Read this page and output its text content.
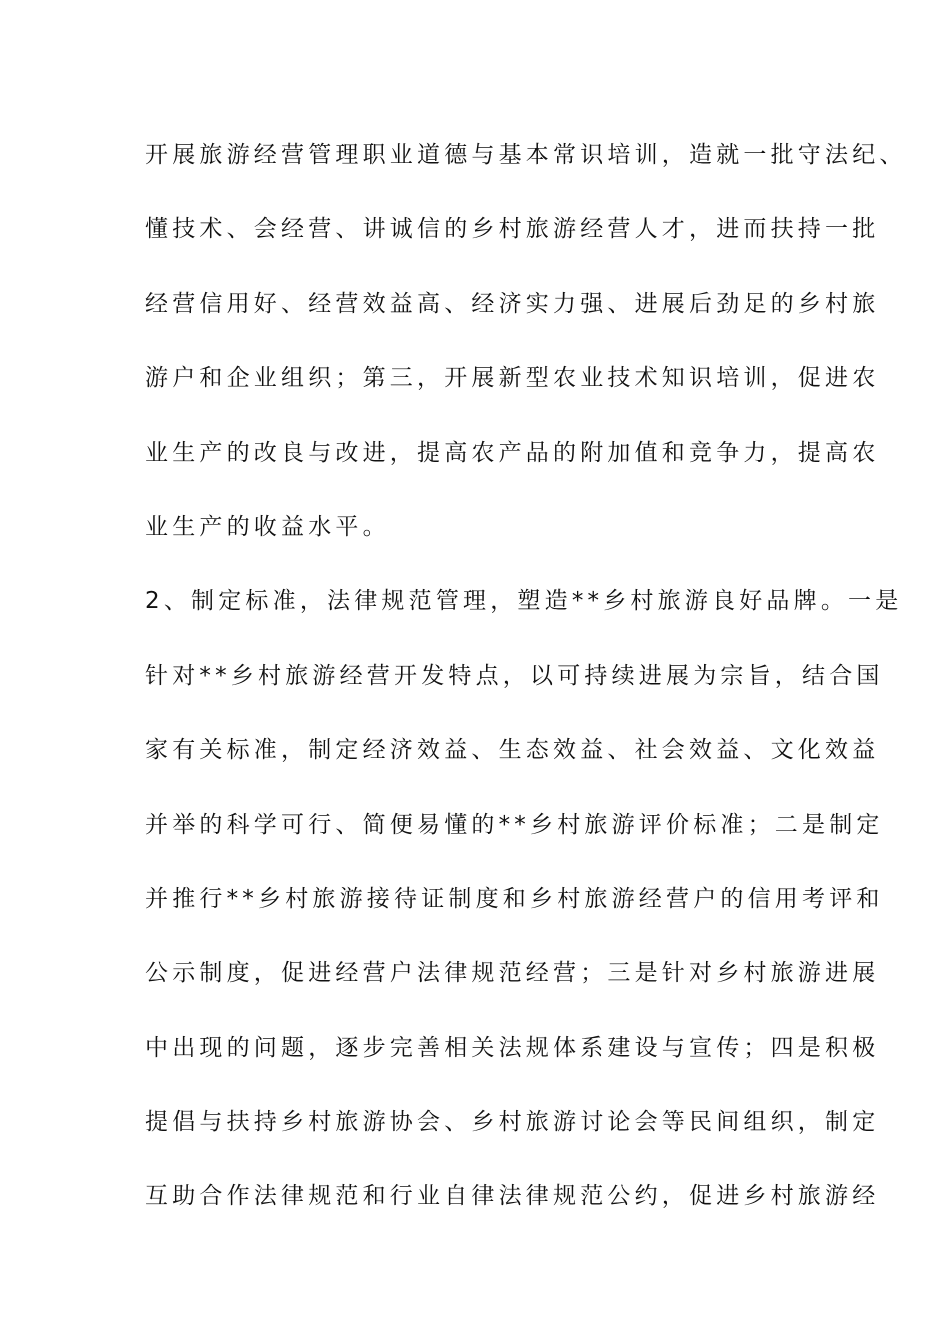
开展旅游经营管理职业道德与基本常识培训，造就一批守法纪、
懂技术、会经营、讲诚信的乡村旅游经营人才，进而扶持一批
经营信用好、经营效益高、经济实力强、进展后劲足的乡村旅
游户和企业组织；第三，开展新型农业技术知识培训，促进农
业生产的改良与改进，提高农产品的附加值和竞争力，提高农
业生产的收益水平。
2、制定标准，法律规范管理，塑造**乡村旅游良好品牌。一是
针对**乡村旅游经营开发特点，以可持续进展为宗旨，结合国
家有关标准，制定经济效益、生态效益、社会效益、文化效益
并举的科学可行、简便易懂的**乡村旅游评价标准；二是制定
并推行**乡村旅游接待证制度和乡村旅游经营户的信用考评和
公示制度，促进经营户法律规范经营；三是针对乡村旅游进展
中出现的问题，逐步完善相关法规体系建设与宣传；四是积极
提倡与扶持乡村旅游协会、乡村旅游讨论会等民间组织，制定
互助合作法律规范和行业自律法律规范公约，促进乡村旅游经
